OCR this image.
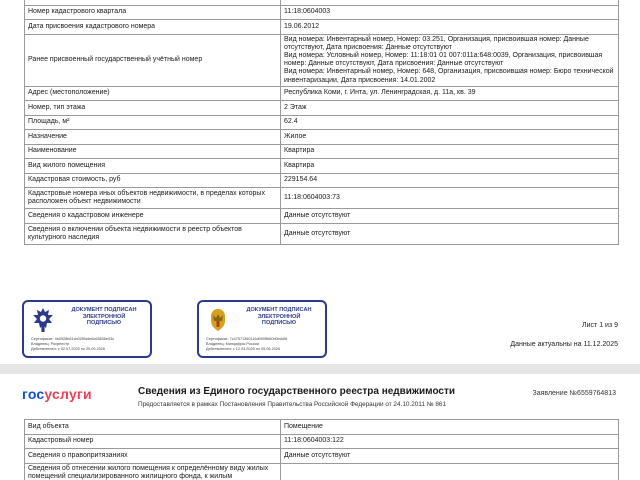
Номер кадастрового квартала	11:18:0604003
Дата присвоения кадастрового номера	19.06.2012
Ранее присвоенный государственный учётный номер	Вид номера: Инвентарный номер, Номер: 03.251, Организация, присвоившая номер: Данные отсутствуют, Дата присвоения: Данные отсутствуют
Вид номера: Условный номер, Номер: 11:18:01 01 007:011а:648:0039, Организация, присвоившая номер: Данные отсутствуют, Дата присвоения: Данные отсутствуют
Вид номера: Инвентарный номер, Номер: 648, Организация, присвоившая номер: Бюро технической инвентаризации, Дата присвоения: 14.01.2002
Адрес (местоположение)	Республика Коми, г. Инта, ул. Ленинградская, д. 11а, кв. 39
Номер, тип этажа	2 Этаж
Площадь, м²	62.4
Назначение	Жилое
Наименование	Квартира
Вид жилого помещения	Квартира
Кадастровая стоимость, руб	229154.64
Кадастровые номера иных объектов недвижимости, в пределах которых расположен объект недвижимости	11:18:0604003:73
Сведения о кадастровом инженере	Данные отсутствуют
Сведения о включении объекта недвижимости в реестр объектов культурного наследия	Данные отсутствуют
ДОКУМЕНТ ПОДПИСАН
ЭЛЕКТРОННОЙ
ПОДПИСЬЮ
Сертификат: 4b0928b61cb02f0dde6c65835e03c
Владелец: Росреестр
Действителен: с 02.07.2025 по 25.09.2026
ДОКУМЕНТ ПОДПИСАН
ЭЛЕКТРОННОЙ
ПОДПИСЬЮ
Сертификат: 7c47571360116d0f09fb60d0bd45f
Владелец: Минцифры России
Действителен: с 12.03.2025 по 05.06.2026
Лист 1 из 9
Данные актуальны на 11.12.2025
госуслуги	Сведения из Единого государственного реестра недвижимости
Предоставляется в рамках Постановления Правительства Российской Федерации от 24.10.2011 № 861
Заявление №6559764813
Вид объекта	Помещение
Кадастровый номер	11:18:0604003:122
Сведения о правопритязаниях	Данные отсутствуют
Сведения об отнесении жилого помещения к определённому виду жилых помещений специализированного жилищного фонда, к жилым	
